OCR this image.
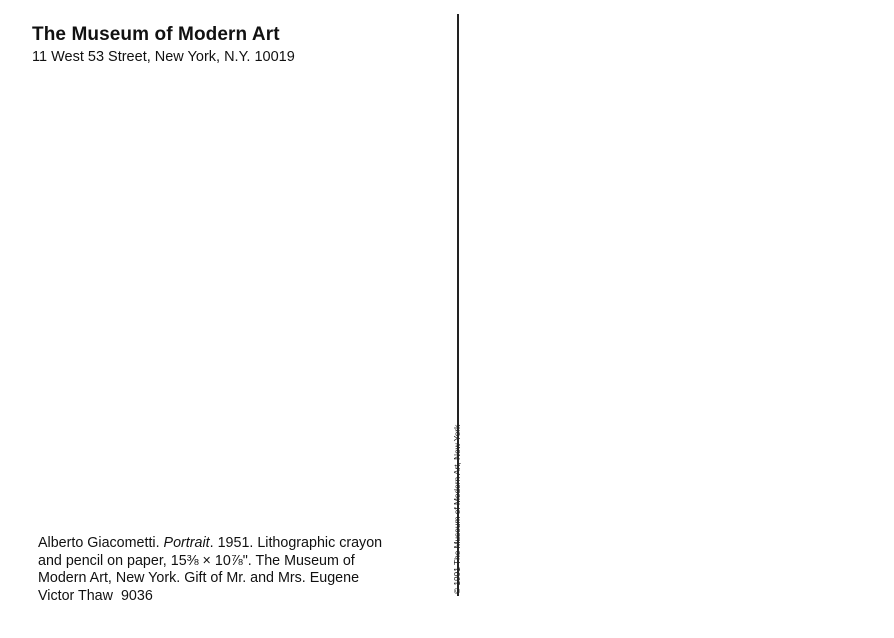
The Museum of Modern Art
11 West 53 Street, New York, N.Y. 10019
© 1991 The Museum of Modern Art, New York
Alberto Giacometti. Portrait. 1951. Lithographic crayon
and pencil on paper, 15⅜ × 10⅞". The Museum of
Modern Art, New York. Gift of Mr. and Mrs. Eugene
Victor Thaw 9036
